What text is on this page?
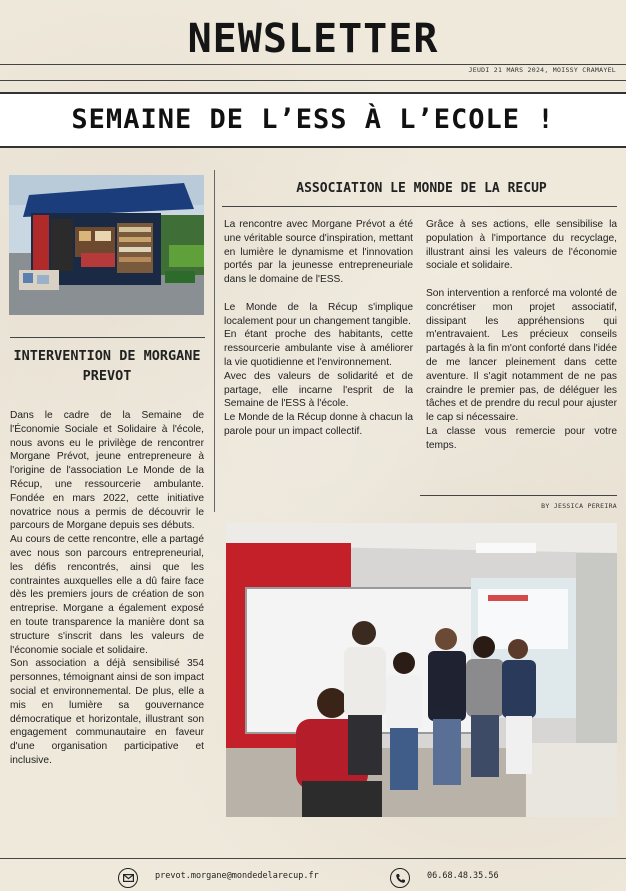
NEWSLETTER
JEUDI 21 MARS 2024, MOISSY CRAMAYEL
SEMAINE DE L’ESS À L’ECOLE !
INTERVENTION DE MORGANE PREVOT

Dans le cadre de la Semaine de l'Économie Sociale et Solidaire à l'école, nous avons eu le privilège de rencontrer Morgane Prévot, jeune entrepreneure à l'origine de l'association Le Monde de la Récup, une ressourcerie ambulante. Fondée en mars 2022, cette initiative novatrice nous a permis de découvrir le parcours de Morgane depuis ses débuts.

Au cours de cette rencontre, elle a partagé avec nous son parcours entrepreneurial, les défis rencontrés, ainsi que les contraintes auxquelles elle a dû faire face dès les premiers jours de création de son entreprise. Morgane a également exposé en toute transparence la manière dont sa structure s'inscrit dans les valeurs de l'économie sociale et solidaire.

Son association a déjà sensibilisé 354 personnes, témoignant ainsi de son impact social et environnemental. De plus, elle a mis en lumière sa gouvernance démocratique et horizontale, illustrant son engagement communautaire en faveur d'une organisation participative et inclusive.

ASSOCIATION LE MONDE DE LA RECUP

La rencontre avec Morgane Prévot a été une véritable source d'inspiration, mettant en lumière le dynamisme et l'innovation portés par la jeunesse entrepreneuriale dans le domaine de l'ESS.

Le Monde de la Récup s'implique localement pour un changement tangible.

En étant proche des habitants, cette ressourcerie ambulante vise à améliorer la vie quotidienne et l'environnement.

Avec des valeurs de solidarité et de partage, elle incarne l'esprit de la Semaine de l'ESS à l'école.

Le Monde de la Récup donne à chacun la parole pour un impact collectif.

Grâce à ses actions, elle sensibilise la population à l'importance du recyclage, illustrant ainsi les valeurs de l'économie sociale et solidaire.

Son intervention a renforcé ma volonté de concrétiser mon projet associatif, dissipant les appréhensions qui m'entravaient. Les précieux conseils partagés à la fin m'ont conforté dans l'idée de me lancer pleinement dans cette aventure. Il s'agit notamment de ne pas craindre le premier pas, de déléguer les tâches et de prendre du recul pour ajuster le cap si nécessaire.

La classe vous remercie pour votre temps.

BY JESSICA PEREIRA
prevot.morgane@mondedelarecup.fr	06.68.48.35.56
